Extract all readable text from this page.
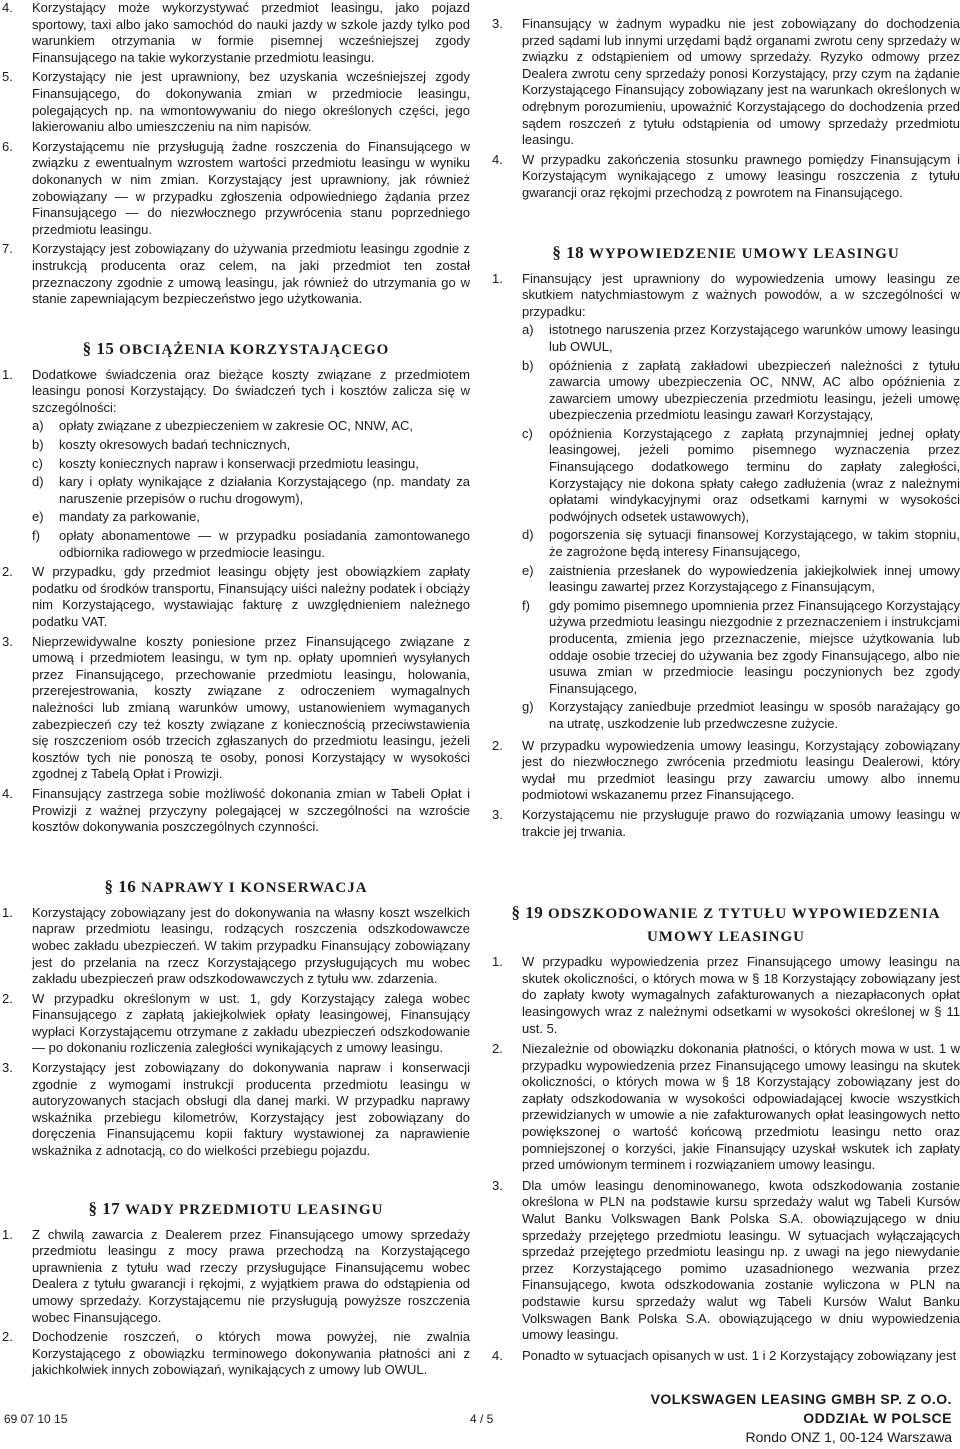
4.	Korzystający może wykorzystywać przedmiot leasingu, jako pojazd sportowy, taxi albo jako samochód do nauki jazdy w szkole jazdy tylko pod warunkiem otrzymania w formie pisemnej wcześniejszej zgody Finansującego na takie wykorzystanie przedmiotu leasingu.
5.	Korzystający nie jest uprawniony, bez uzyskania wcześniejszej zgody Finansującego, do dokonywania zmian w przedmiocie leasingu, polegających np. na wmontowywaniu do niego określonych części, jego lakierowaniu albo umieszczeniu na nim napisów.
6.	Korzystającemu nie przysługują żadne roszczenia do Finansującego w związku z ewentualnym wzrostem wartości przedmiotu leasingu w wyniku dokonanych w nim zmian. Korzystający jest uprawniony, jak również zobowiązany — w przypadku zgłoszenia odpowiedniego żądania przez Finansującego — do niezwłocznego przywrócenia stanu poprzedniego przedmiotu leasingu.
7.	Korzystający jest zobowiązany do używania przedmiotu leasingu zgodnie z instrukcją producenta oraz celem, na jaki przedmiot ten został przeznaczony zgodnie z umową leasingu, jak również do utrzymania go w stanie zapewniającym bezpieczeństwo jego użytkowania.
§ 15 OBCIĄŻENIA KORZYSTAJĄCEGO
1.	Dodatkowe świadczenia oraz bieżące koszty związane z przedmiotem leasingu ponosi Korzystający. Do świadczeń tych i kosztów zalicza się w szczególności:
a)	opłaty związane z ubezpieczeniem w zakresie OC, NNW, AC,
b)	koszty okresowych badań technicznych,
c)	koszty koniecznych napraw i konserwacji przedmiotu leasingu,
d)	kary i opłaty wynikające z działania Korzystającego (np. mandaty za naruszenie przepisów o ruchu drogowym),
e)	mandaty za parkowanie,
f)	opłaty abonamentowe — w przypadku posiadania zamontowanego odbiornika radiowego w przedmiocie leasingu.
2.	W przypadku, gdy przedmiot leasingu objęty jest obowiązkiem zapłaty podatku od środków transportu, Finansujący uiści należny podatek i obciąży nim Korzystającego, wystawiając fakturę z uwzględnieniem należnego podatku VAT.
3.	Nieprzewidywalne koszty poniesione przez Finansującego związane z umową i przedmiotem leasingu, w tym np. opłaty upomnień wysyłanych przez Finansującego, przechowanie przedmiotu leasingu, holowania, przerejestrowania, koszty związane z odroczeniem wymagalnych należności lub zmianą warunków umowy, ustanowieniem wymaganych zabezpieczeń czy też koszty związane z koniecznością przeciwstawienia się roszczeniom osób trzecich zgłaszanych do przedmiotu leasingu, jeżeli kosztów tych nie ponoszą te osoby, ponosi Korzystający w wysokości zgodnej z Tabelą Opłat i Prowizji.
4.	Finansujący zastrzega sobie możliwość dokonania zmian w Tabeli Opłat i Prowizji z ważnej przyczyny polegającej w szczególności na wzroście kosztów dokonywania poszczególnych czynności.
§ 16 NAPRAWY I KONSERWACJA
1.	Korzystający zobowiązany jest do dokonywania na własny koszt wszelkich napraw przedmiotu leasingu, rodzących roszczenia odszkodowawcze wobec zakładu ubezpieczeń. W takim przypadku Finansujący zobowiązany jest do przelania na rzecz Korzystającego przysługujących mu wobec zakładu ubezpieczeń praw odszkodowawczych z tytułu ww. zdarzenia.
2.	W przypadku określonym w ust. 1, gdy Korzystający zalega wobec Finansującego z zapłatą jakiejkolwiek opłaty leasingowej, Finansujący wypłaci Korzystającemu otrzymane z zakładu ubezpieczeń odszkodowanie — po dokonaniu rozliczenia zaległości wynikających z umowy leasingu.
3.	Korzystający jest zobowiązany do dokonywania napraw i konserwacji zgodnie z wymogami instrukcji producenta przedmiotu leasingu w autoryzowanych stacjach obsługi dla danej marki. W przypadku naprawy wskaźnika przebiegu kilometrów, Korzystający jest zobowiązany do doręczenia Finansującemu kopii faktury wystawionej za naprawienie wskaźnika z adnotacją, co do wielkości przebiegu pojazdu.
§ 17 WADY PRZEDMIOTU LEASINGU
1.	Z chwilą zawarcia z Dealerem przez Finansującego umowy sprzedaży przedmiotu leasingu z mocy prawa przechodzą na Korzystającego uprawnienia z tytułu wad rzeczy przysługujące Finansującemu wobec Dealera z tytułu gwarancji i rękojmi, z wyjątkiem prawa do odstąpienia od umowy sprzedaży. Korzystającemu nie przysługują powyższe roszczenia wobec Finansującego.
2.	Dochodzenie roszczeń, o których mowa powyżej, nie zwalnia Korzystającego z obowiązku terminowego dokonywania płatności ani z jakichkolwiek innych zobowiązań, wynikających z umowy lub OWUL.
3.	Finansujący w żadnym wypadku nie jest zobowiązany do dochodzenia przed sądami lub innymi urzędami bądź organami zwrotu ceny sprzedaży w związku z odstąpieniem od umowy sprzedaży. Ryzyko odmowy przez Dealera zwrotu ceny sprzedaży ponosi Korzystający, przy czym na żądanie Korzystającego Finansujący zobowiązany jest na warunkach określonych w odrębnym porozumieniu, upoważnić Korzystającego do dochodzenia przed sądem roszczeń z tytułu odstąpienia od umowy sprzedaży przedmiotu leasingu.
4.	W przypadku zakończenia stosunku prawnego pomiędzy Finansującym i Korzystającym wynikającego z umowy leasingu roszczenia z tytułu gwarancji oraz rękojmi przechodzą z powrotem na Finansującego.
§ 18 WYPOWIEDZENIE UMOWY LEASINGU
1.	Finansujący jest uprawniony do wypowiedzenia umowy leasingu ze skutkiem natychmiastowym z ważnych powodów, a w szczególności w przypadku:
a)	istotnego naruszenia przez Korzystającego warunków umowy leasingu lub OWUL,
b)	opóźnienia z zapłatą zakładowi ubezpieczeń należności z tytułu zawarcia umowy ubezpieczenia OC, NNW, AC albo opóźnienia z zawarciem umowy ubezpieczenia przedmiotu leasingu, jeżeli umowę ubezpieczenia przedmiotu leasingu zawarł Korzystający,
c)	opóźnienia Korzystającego z zapłatą przynajmniej jednej opłaty leasingowej, jeżeli pomimo pisemnego wyznaczenia przez Finansującego dodatkowego terminu do zapłaty zaległości, Korzystający nie dokona spłaty całego zadłużenia (wraz z należnymi opłatami windykacyjnymi oraz odsetkami karnymi w wysokości podwójnych odsetek ustawowych),
d)	pogorszenia się sytuacji finansowej Korzystającego, w takim stopniu, że zagrożone będą interesy Finansującego,
e)	zaistnienia przesłanek do wypowiedzenia jakiejkolwiek innej umowy leasingu zawartej przez Korzystającego z Finansującym,
f)	gdy pomimo pisemnego upomnienia przez Finansującego Korzystający używa przedmiotu leasingu niezgodnie z przeznaczeniem i instrukcjami producenta, zmienia jego przeznaczenie, miejsce użytkowania lub oddaje osobie trzeciej do używania bez zgody Finansującego, albo nie usuwa zmian w przedmiocie leasingu poczynionych bez zgody Finansującego,
g)	Korzystający zaniedbuje przedmiot leasingu w sposób narażający go na utratę, uszkodzenie lub przedwczesne zużycie.
2.	W przypadku wypowiedzenia umowy leasingu, Korzystający zobowiązany jest do niezwłocznego zwrócenia przedmiotu leasingu Dealerowi, który wydał mu przedmiot leasingu przy zawarciu umowy albo innemu podmiotowi wskazanemu przez Finansującego.
3.	Korzystającemu nie przysługuje prawo do rozwiązania umowy leasingu w trakcie jej trwania.
§ 19 ODSZKODOWANIE Z TYTUŁU WYPOWIEDZENIA UMOWY LEASINGU
1.	W przypadku wypowiedzenia przez Finansującego umowy leasingu na skutek okoliczności, o których mowa w § 18 Korzystający zobowiązany jest do zapłaty kwoty wymagalnych zafakturowanych a niezapłaconych opłat leasingowych wraz z należnymi odsetkami w wysokości określonej w § 11 ust. 5.
2.	Niezależnie od obowiązku dokonania płatności, o których mowa w ust. 1 w przypadku wypowiedzenia przez Finansującego umowy leasingu na skutek okoliczności, o których mowa w § 18 Korzystający zobowiązany jest do zapłaty odszkodowania w wysokości odpowiadającej kwocie wszystkich przewidzianych w umowie a nie zafakturowanych opłat leasingowych netto powiększonej o wartość końcową przedmiotu leasingu netto oraz pomniejszonej o korzyści, jakie Finansujący uzyskał wskutek ich zapłaty przed umówionym terminem i rozwiązaniem umowy leasingu.
3.	Dla umów leasingu denominowanego, kwota odszkodowania zostanie określona w PLN na podstawie kursu sprzedaży walut wg Tabeli Kursów Walut Banku Volkswagen Bank Polska S.A. obowiązującego w dniu sprzedaży przejętego przedmiotu leasingu. W sytuacjach wyłączających sprzedaż przejętego przedmiotu leasingu np. z uwagi na jego niewydanie przez Korzystającego pomimo uzasadnionego wezwania przez Finansującego, kwota odszkodowania zostanie wyliczona w PLN na podstawie kursu sprzedaży walut wg Tabeli Kursów Walut Banku Volkswagen Bank Polska S.A. obowiązującego w dniu wypowiedzenia umowy leasingu.
4.	Ponadto w sytuacjach opisanych w ust. 1 i 2 Korzystający zobowiązany jest
69 07 10 15	4 / 5
VOLKSWAGEN LEASING GMBH SP. Z O.O.
ODDZIAŁ W POLSCE
Rondo ONZ 1, 00-124 Warszawa
